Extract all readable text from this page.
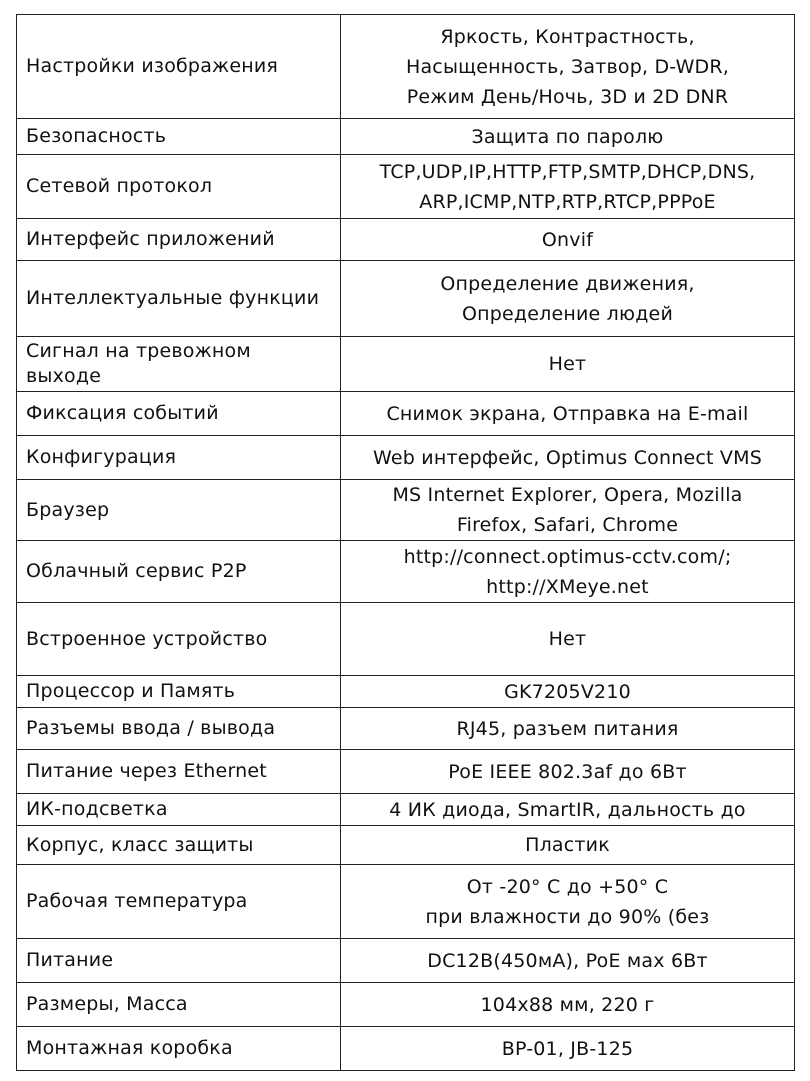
Настройки изображения	Яркость, Контрастность,
Насыщенность, Затвор, D-WDR,
Режим День/Ночь, 3D и 2D DNR

Безопасность	Защита по паролю

Сетевой протокол	TCP,UDP,IP,HTTP,FTP,SMTP,DHCP,DNS,
ARP,ICMP,NTP,RTP,RTCP,PPPoE

Интерфейс приложений	Onvif

Интеллектуальные функции	Определение движения,
Определение людей

Сигнал на тревожном выходе	Нет

Фиксация событий	Снимок экрана, Отправка на E-mail

Конфигурация	Web интерфейс, Optimus Connect VMS

Браузер	MS Internet Explorer, Opera, Mozilla
Firefox, Safari, Chrome

Облачный сервис P2P	http://connect.optimus-cctv.com/;
http://XMeye.net

Встроенное устройство	Нет

Процессор и Память	GK7205V210

Разъемы ввода / вывода	RJ45, разъем питания

Питание через Ethernet	PoE IEEE 802.3af до 6Вт

ИК-подсветка	4 ИК диода, SmartIR, дальность до

Корпус, класс защиты	Пластик

Рабочая температура	От -20° С до +50° С
при влажности до 90% (без

Питание	DC12В(450мА), PoE мах 6Вт

Размеры, Масса	104х88 мм, 220 г

Монтажная коробка	BP-01, JB-125
